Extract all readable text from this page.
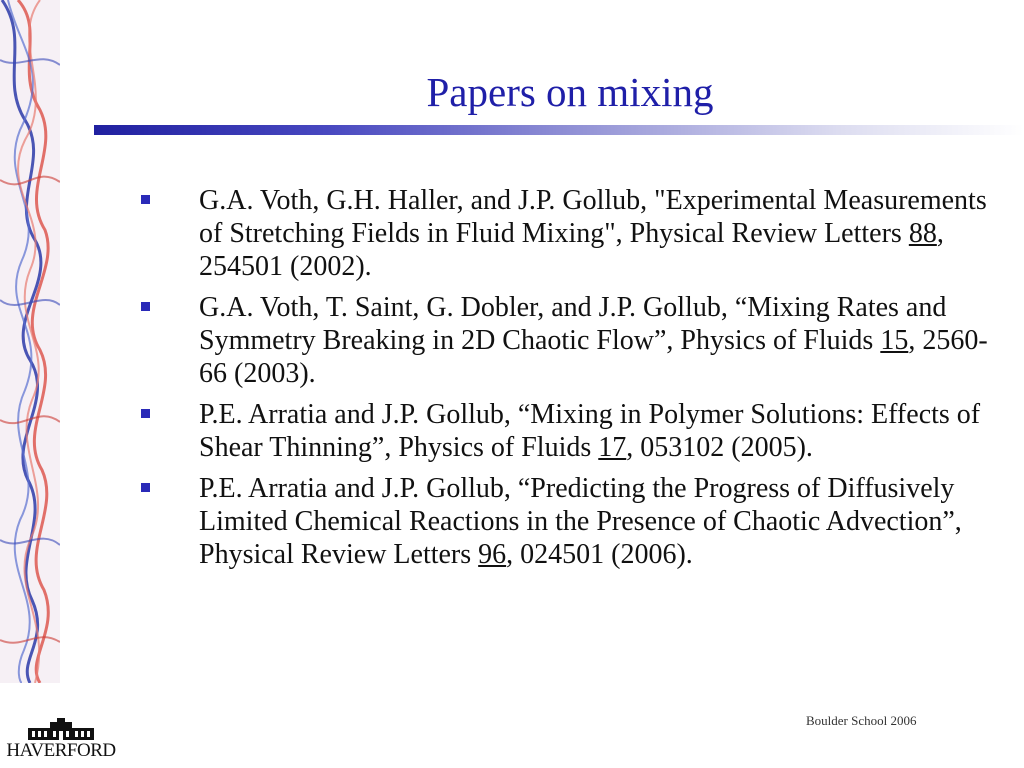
Papers on mixing
G.A. Voth, G.H. Haller, and J.P. Gollub, "Experimental Measurements of Stretching Fields in Fluid Mixing", Physical Review Letters 88, 254501 (2002).
G.A. Voth, T. Saint, G. Dobler, and J.P. Gollub, “Mixing Rates and Symmetry Breaking in 2D Chaotic Flow”, Physics of Fluids 15, 2560-66 (2003).
P.E. Arratia and J.P. Gollub, “Mixing in Polymer Solutions: Effects of Shear Thinning”, Physics of Fluids 17, 053102 (2005).
P.E. Arratia and J.P. Gollub, “Predicting the Progress of Diffusively Limited Chemical Reactions in the Presence of Chaotic Advection”, Physical Review Letters 96, 024501 (2006).
HAVERFORD
Boulder School 2006
